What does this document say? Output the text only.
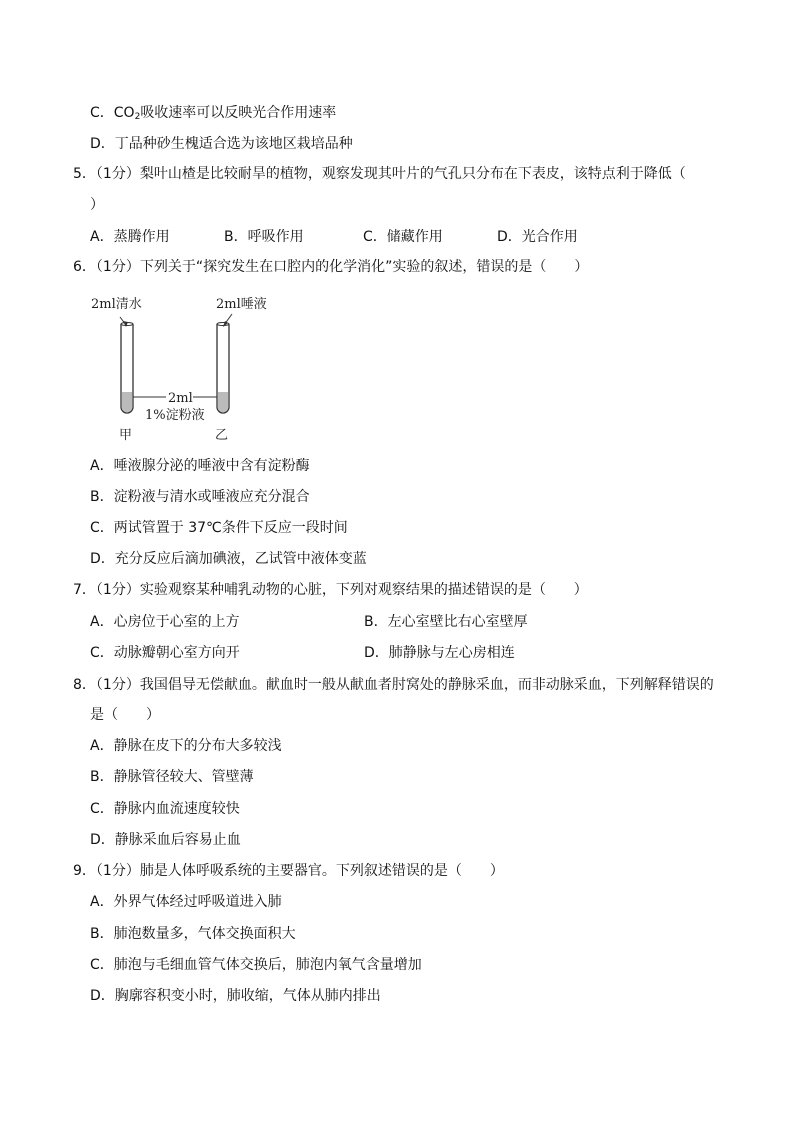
C．$CO_2$吸收速率可以反映光合作用速率
D．丁品种砂生槐适合选为该地区栽培品种
5．（1分）梨叶山楂是比较耐旱的植物，观察发现其叶片的气孔只分布在下表皮，该特点利于降低（
）
A．蒸腾作用	B．呼吸作用	C．储藏作用	D．光合作用
6．（1分）下列关于“探究发生在口腔内的化学消化”实验的叙述，错误的是（　　）
2ml清水	2ml唾液
2ml
1%淀粉液
甲	乙
A．唾液腺分泌的唾液中含有淀粉酶
B．淀粉液与清水或唾液应充分混合
C．两试管置于 37℃条件下反应一段时间
D．充分反应后滴加碘液，乙试管中液体变蓝
7．（1分）实验观察某种哺乳动物的心脏，下列对观察结果的描述错误的是（　　）
A．心房位于心室的上方	B．左心室壁比右心室壁厚
C．动脉瓣朝心室方向开	D．肺静脉与左心房相连
8．（1分）我国倡导无偿献血。献血时一般从献血者肘窝处的静脉采血，而非动脉采血，下列解释错误的
是（　　）
A．静脉在皮下的分布大多较浅
B．静脉管径较大、管壁薄
C．静脉内血流速度较快
D．静脉采血后容易止血
9．（1分）肺是人体呼吸系统的主要器官。下列叙述错误的是（　　）
A．外界气体经过呼吸道进入肺
B．肺泡数量多，气体交换面积大
C．肺泡与毛细血管气体交换后，肺泡内氧气含量增加
D．胸廓容积变小时，肺收缩，气体从肺内排出
